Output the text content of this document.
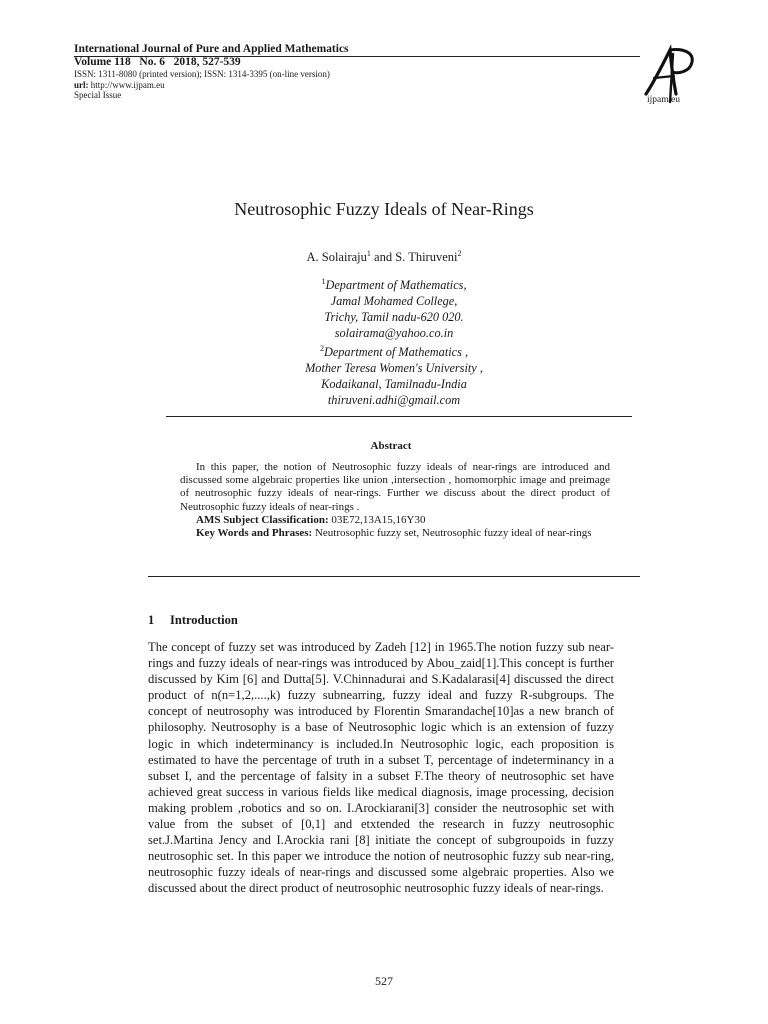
International Journal of Pure and Applied Mathematics
Volume 118   No. 6   2018, 527-539
ISSN: 1311-8080 (printed version); ISSN: 1314-3395 (on-line version)
url: http://www.ijpam.eu
Special Issue	ijpam.eu
Neutrosophic Fuzzy Ideals of Near-Rings
A. Solairaju$^1$ and S. Thiruveni$^2$
$^1$Department of Mathematics,
Jamal Mohamed College,
Trichy, Tamil nadu-620 020.
solairama@yahoo.co.in
$^2$Department of Mathematics ,
Mother Teresa Women's University ,
Kodaikanal, Tamilnadu-India
thiruveni.adhi@gmail.com
Abstract

In this paper, the notion of Neutrosophic fuzzy ideals of near-rings are introduced and discussed some algebraic properties like union ,intersection , homomorphic image and preimage of neutrosophic fuzzy ideals of near-rings. Further we discuss about the direct product of Neutrosophic fuzzy ideals of near-rings .

AMS Subject Classification: 03E72,13A15,16Y30

Key Words and Phrases: Neutrosophic fuzzy set, Neutrosophic fuzzy ideal of near-rings

1 Introduction

The concept of fuzzy set was introduced by Zadeh [12] in 1965.The notion fuzzy sub near-rings and fuzzy ideals of near-rings was introduced by Abou_zaid[1].This concept is further discussed by Kim [6] and Dutta[5]. V.Chinnadurai and S.Kadalarasi[4] discussed the direct product of n(n=1,2,....,k) fuzzy subnearring, fuzzy ideal and fuzzy R-subgroups. The concept of neutrosophy was introduced by Florentin Smarandache[10]as a new branch of philosophy. Neutrosophy is a base of Neutrosophic logic which is an extension of fuzzy logic in which indeterminancy is included.In Neutrosophic logic, each proposition is estimated to have the percentage of truth in a subset T, percentage of indeterminancy in a subset I, and the percentage of falsity in a subset F.The theory of neutrosophic set have achieved great success in various fields like medical diagnosis, image processing, decision making problem ,robotics and so on. I.Arockiarani[3] consider the neutrosophic set with value from the subset of [0,1] and etxtended the research in fuzzy neutrosophic set.J.Martina Jency and I.Arockia rani [8] initiate the concept of subgroupoids in fuzzy neutrosophic set. In this paper we introduce the notion of neutrosophic fuzzy sub near-ring, neutrosophic fuzzy ideals of near-rings and discussed some algebraic properties. Also we discussed about the direct product of neutrosophic neutrosophic fuzzy ideals of near-rings.

527
